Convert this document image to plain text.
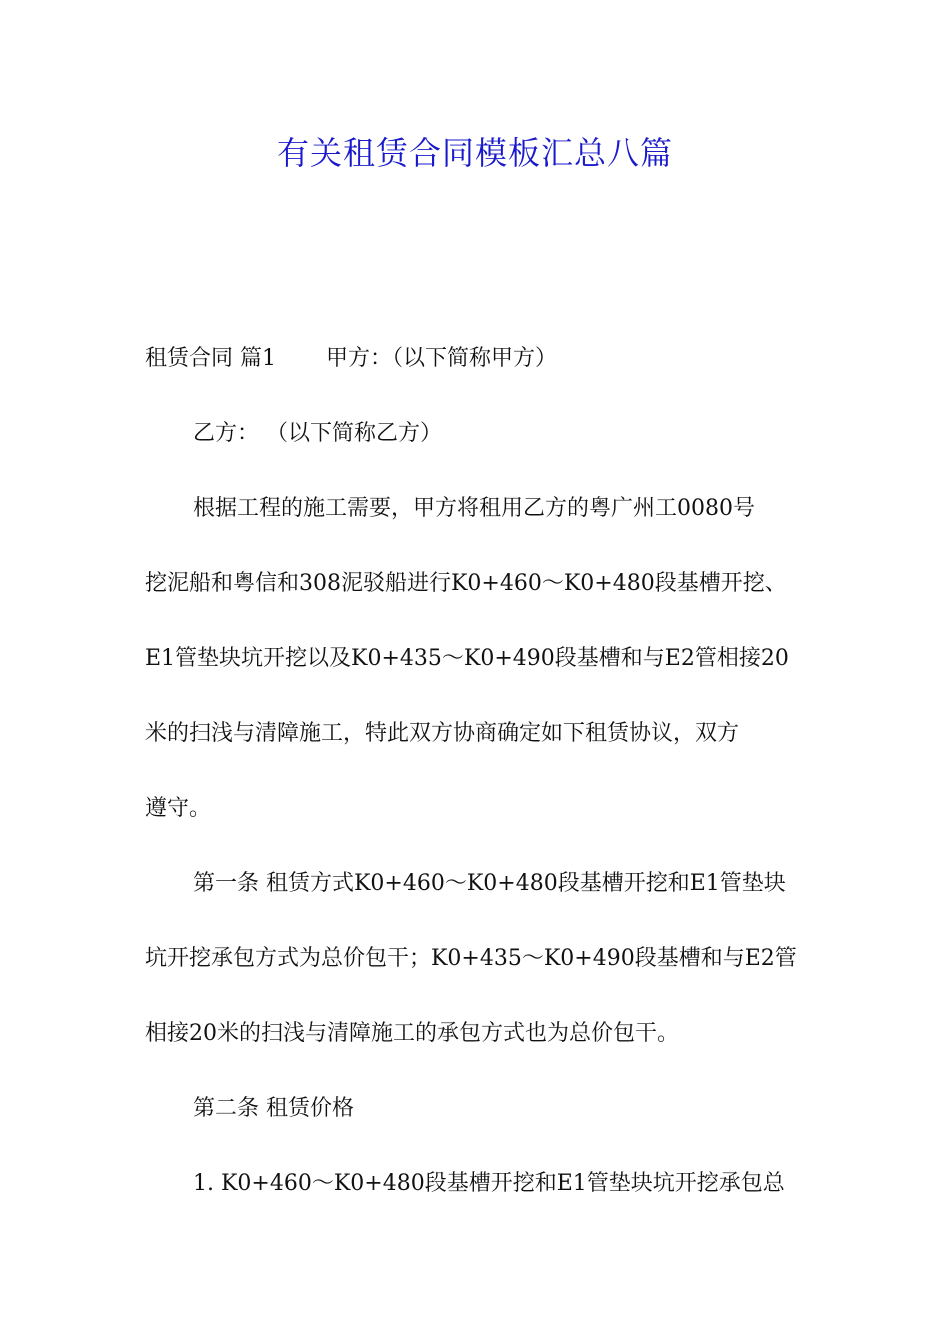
有关租赁合同模板汇总八篇
租赁合同 篇1 甲方：（以下简称甲方）
乙方： （以下简称乙方）
根据工程的施工需要，甲方将租用乙方的粤广州工0080号
挖泥船和粤信和308泥驳船进行K0+460～K0+480段基槽开挖、
E1管垫块坑开挖以及K0+435～K0+490段基槽和与E2管相接20
米的扫浅与清障施工，特此双方协商确定如下租赁协议，双方
遵守。
第一条 租赁方式K0+460～K0+480段基槽开挖和E1管垫块
坑开挖承包方式为总价包干；K0+435～K0+490段基槽和与E2管
相接20米的扫浅与清障施工的承包方式也为总价包干。
第二条 租赁价格
1. K0+460～K0+480段基槽开挖和E1管垫块坑开挖承包总
